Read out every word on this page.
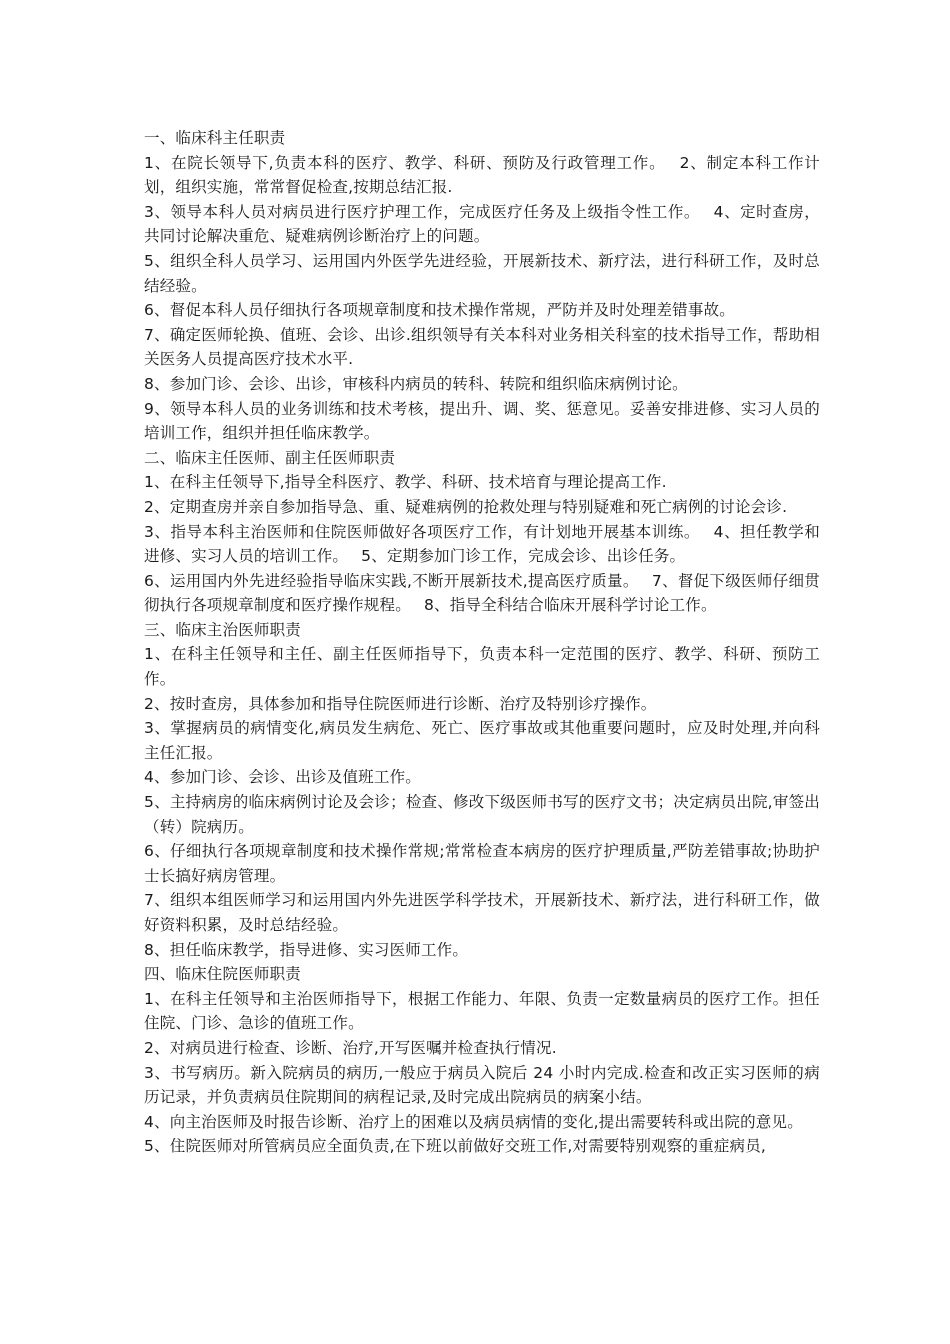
一、临床科主任职责

1、在院长领导下,负责本科的医疗、教学、科研、预防及行政管理工作。　 2、制定本科工作计划，组织实施，常常督促检查,按期总结汇报.

3、领导本科人员对病员进行医疗护理工作，完成医疗任务及上级指令性工作。　 4、定时查房，共同讨论解决重危、疑难病例诊断治疗上的问题。

5、组织全科人员学习、运用国内外医学先进经验，开展新技术、新疗法，进行科研工作，及时总结经验。

6、督促本科人员仔细执行各项规章制度和技术操作常规，严防并及时处理差错事故。

7、确定医师轮换、值班、会诊、出诊.组织领导有关本科对业务相关科室的技术指导工作，帮助相关医务人员提高医疗技术水平.

8、参加门诊、会诊、出诊，审核科内病员的转科、转院和组织临床病例讨论。

9、领导本科人员的业务训练和技术考核，提出升、调、奖、惩意见。妥善安排进修、实习人员的培训工作，组织并担任临床教学。

二、临床主任医师、副主任医师职责

1、在科主任领导下,指导全科医疗、教学、科研、技术培育与理论提高工作.

2、定期查房并亲自参加指导急、重、疑难病例的抢救处理与特别疑难和死亡病例的讨论会诊.

3、指导本科主治医师和住院医师做好各项医疗工作，有计划地开展基本训练。　 4、担任教学和进修、实习人员的培训工作。　 5、定期参加门诊工作，完成会诊、出诊任务。

6、运用国内外先进经验指导临床实践,不断开展新技术,提高医疗质量。　 7、督促下级医师仔细贯彻执行各项规章制度和医疗操作规程。　 8、指导全科结合临床开展科学讨论工作。

三、临床主治医师职责

1、在科主任领导和主任、副主任医师指导下，负责本科一定范围的医疗、教学、科研、预防工作。

2、按时查房，具体参加和指导住院医师进行诊断、治疗及特别诊疗操作。

3、掌握病员的病情变化,病员发生病危、死亡、医疗事故或其他重要问题时，应及时处理,并向科主任汇报。

4、参加门诊、会诊、出诊及值班工作。

5、主持病房的临床病例讨论及会诊；检查、修改下级医师书写的医疗文书；决定病员出院,审签出（转）院病历。

6、仔细执行各项规章制度和技术操作常规;常常检查本病房的医疗护理质量,严防差错事故;协助护士长搞好病房管理。

7、组织本组医师学习和运用国内外先进医学科学技术，开展新技术、新疗法，进行科研工作，做好资料积累，及时总结经验。

8、担任临床教学，指导进修、实习医师工作。

四、临床住院医师职责

1、在科主任领导和主治医师指导下，根据工作能力、年限、负责一定数量病员的医疗工作。担任住院、门诊、急诊的值班工作。

2、对病员进行检查、诊断、治疗,开写医嘱并检查执行情况.

3、书写病历。新入院病员的病历,一般应于病员入院后 24 小时内完成.检查和改正实习医师的病历记录，并负责病员住院期间的病程记录,及时完成出院病员的病案小结。

4、向主治医师及时报告诊断、治疗上的困难以及病员病情的变化,提出需要转科或出院的意见。

5、住院医师对所管病员应全面负责,在下班以前做好交班工作,对需要特别观察的重症病员,
